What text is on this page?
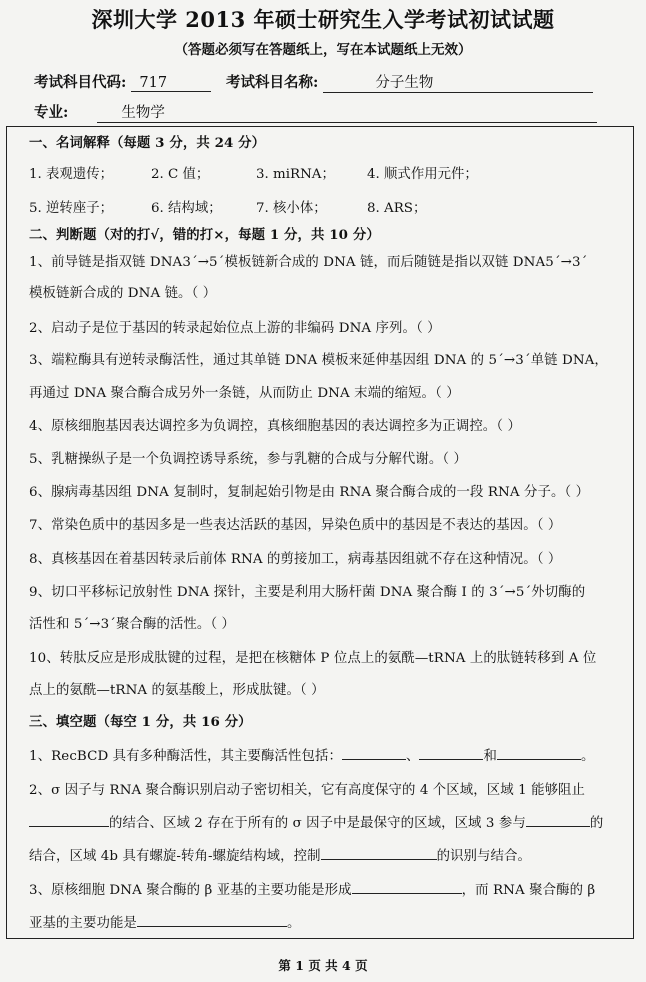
深圳大学 2013 年硕士研究生入学考试初试试题
（答题必须写在答题纸上，写在本试题纸上无效）
考试科目代码: 717	考试科目名称:	分子生物
专业:	生物学
一、名词解释（每题 3 分，共 24 分）
1. 表观遗传；	2. C 值；	3. miRNA； 4. 顺式作用元件；
5. 逆转座子；	6. 结构域；	7. 核小体；	8. ARS；
二、判断题（对的打√，错的打×，每题 1 分，共 10 分）
1、前导链是指双链 DNA3´→5´模板链新合成的 DNA 链，而后随链是指以双链 DNA5´→3´
模板链新合成的 DNA 链。（ ）
2、启动子是位于基因的转录起始位点上游的非编码 DNA 序列。（ ）
3、端粒酶具有逆转录酶活性，通过其单链 DNA 模板来延伸基因组 DNA 的 5´→3´单链 DNA，
再通过 DNA 聚合酶合成另外一条链，从而防止 DNA 末端的缩短。（ ）
4、原核细胞基因表达调控多为负调控，真核细胞基因的表达调控多为正调控。（ ）
5、乳糖操纵子是一个负调控诱导系统，参与乳糖的合成与分解代谢。（ ）
6、腺病毒基因组 DNA 复制时，复制起始引物是由 RNA 聚合酶合成的一段 RNA 分子。（ ）
7、常染色质中的基因多是一些表达活跃的基因，异染色质中的基因是不表达的基因。（ ）
8、真核基因在着基因转录后前体 RNA 的剪接加工，病毒基因组就不存在这种情况。（ ）
9、切口平移标记放射性 DNA 探针，主要是利用大肠杆菌 DNA 聚合酶 I 的 3´→5´外切酶的
活性和 5´→3´聚合酶的活性。（ ）
10、转肽反应是形成肽键的过程，是把在核糖体 P 位点上的氨酰—tRNA 上的肽链转移到 A 位
点上的氨酰—tRNA 的氨基酸上，形成肽键。（ ）
三、填空题（每空 1 分，共 16 分）
1、RecBCD 具有多种酶活性，其主要酶活性包括：	、	和	。
2、σ 因子与 RNA 聚合酶识别启动子密切相关，它有高度保守的 4 个区域，区域 1 能够阻止
的结合、区域 2 存在于所有的 σ 因子中是最保守的区域，区域 3 参与	的
结合，区域 4b 具有螺旋-转角-螺旋结构域，控制	的识别与结合。
3、原核细胞 DNA 聚合酶的 β 亚基的主要功能是形成	，而 RNA 聚合酶的 β
亚基的主要功能是	。
第 1 页 共 4 页
